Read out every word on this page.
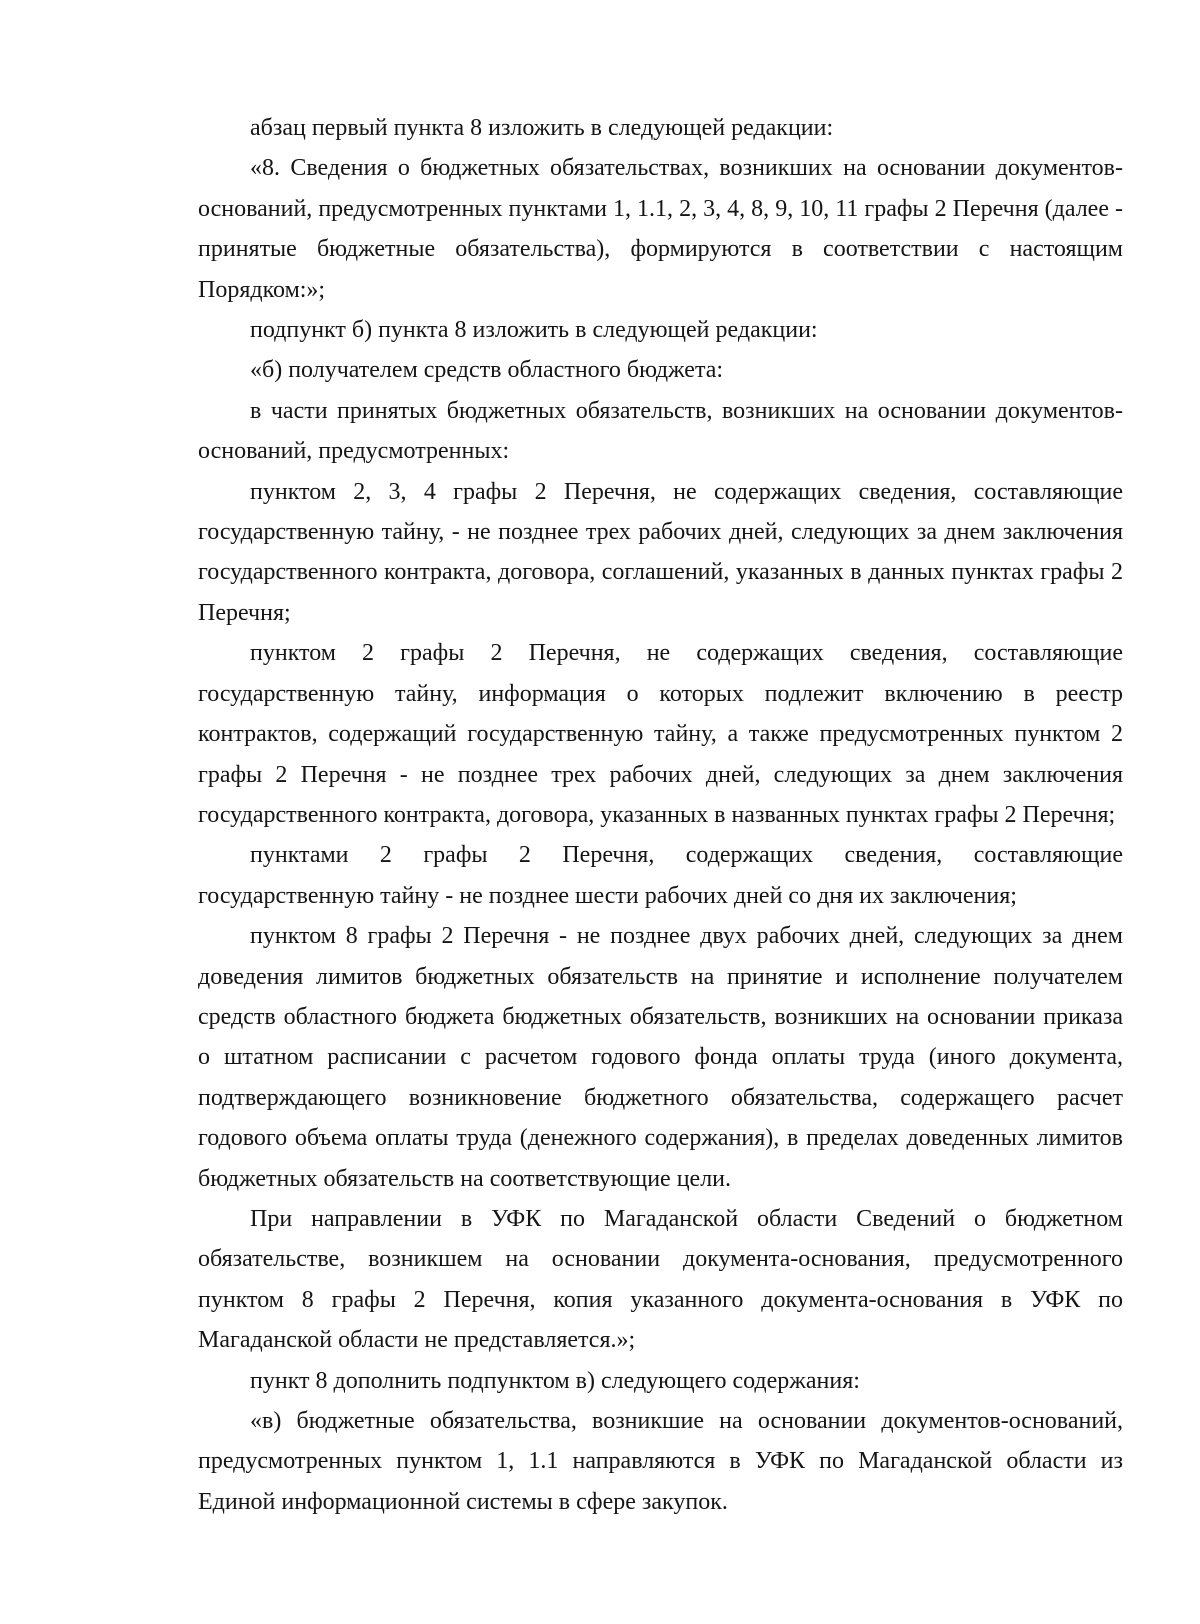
абзац первый пункта 8 изложить в следующей редакции:

«8. Сведения о бюджетных обязательствах, возникших на основании документов-оснований, предусмотренных пунктами 1, 1.1, 2, 3, 4, 8, 9, 10, 11 графы 2 Перечня (далее - принятые бюджетные обязательства), формируются в соответствии с настоящим Порядком:»;

подпункт б) пункта 8 изложить в следующей редакции:

«б) получателем средств областного бюджета:

в части принятых бюджетных обязательств, возникших на основании документов-оснований, предусмотренных:

пунктом 2, 3, 4 графы 2 Перечня, не содержащих сведения, составляющие государственную тайну, - не позднее трех рабочих дней, следующих за днем заключения государственного контракта, договора, соглашений, указанных в данных пунктах графы 2 Перечня;

пунктом 2 графы 2 Перечня, не содержащих сведения, составляющие государственную тайну, информация о которых подлежит включению в реестр контрактов, содержащий государственную тайну, а также предусмотренных пунктом 2 графы 2 Перечня - не позднее трех рабочих дней, следующих за днем заключения государственного контракта, договора, указанных в названных пунктах графы 2 Перечня;

пунктами 2 графы 2 Перечня, содержащих сведения, составляющие государственную тайну - не позднее шести рабочих дней со дня их заключения;

пунктом 8 графы 2 Перечня - не позднее двух рабочих дней, следующих за днем доведения лимитов бюджетных обязательств на принятие и исполнение получателем средств областного бюджета бюджетных обязательств, возникших на основании приказа о штатном расписании с расчетом годового фонда оплаты труда (иного документа, подтверждающего возникновение бюджетного обязательства, содержащего расчет годового объема оплаты труда (денежного содержания), в пределах доведенных лимитов бюджетных обязательств на соответствующие цели.

При направлении в УФК по Магаданской области Сведений о бюджетном обязательстве, возникшем на основании документа-основания, предусмотренного пунктом 8 графы 2 Перечня, копия указанного документа-основания в УФК по Магаданской области не представляется.»;

пункт 8 дополнить подпунктом в) следующего содержания:

«в) бюджетные обязательства, возникшие на основании документов-оснований, предусмотренных пунктом 1, 1.1 направляются в УФК по Магаданской области из Единой информационной системы в сфере закупок.
